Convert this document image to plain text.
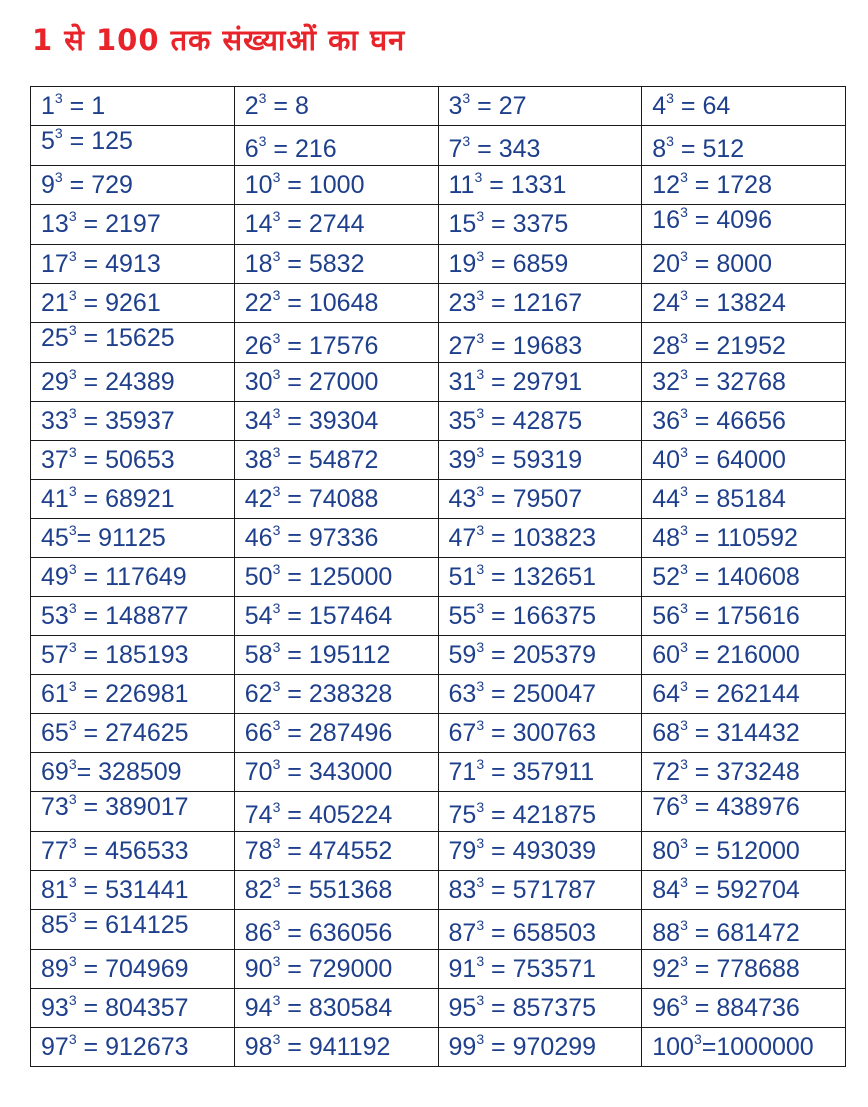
1 से 100 तक संख्याओं का घन
$1^3 = 1$	$2^3 = 8$	$3^3 = 27$	$4^3 = 64$
$5^3 = 125$	$6^3 = 216$	$7^3 = 343$	$8^3 = 512$
$9^3 = 729$	$10^3 = 1000$	$11^3 = 1331$	$12^3 = 1728$
$13^3 = 2197$	$14^3 = 2744$	$15^3 = 3375$	$16^3 = 4096$
$17^3 = 4913$	$18^3 = 5832$	$19^3 = 6859$	$20^3 = 8000$
$21^3 = 9261$	$22^3 = 10648$	$23^3 = 12167$	$24^3 = 13824$
$25^3 = 15625$	$26^3 = 17576$	$27^3 = 19683$	$28^3 = 21952$
$29^3 = 24389$	$30^3 = 27000$	$31^3 = 29791$	$32^3 = 32768$
$33^3 = 35937$	$34^3 = 39304$	$35^3 = 42875$	$36^3 = 46656$
$37^3 = 50653$	$38^3 = 54872$	$39^3 = 59319$	$40^3 = 64000$
$41^3 = 68921$	$42^3 = 74088$	$43^3 = 79507$	$44^3 = 85184$
$45^3= 91125$	$46^3 = 97336$	$47^3 = 103823$	$48^3 = 110592$
$49^3 = 117649$	$50^3 = 125000$	$51^3 = 132651$	$52^3 = 140608$
$53^3 = 148877$	$54^3 = 157464$	$55^3 = 166375$	$56^3 = 175616$
$57^3 = 185193$	$58^3 = 195112$	$59^3 = 205379$	$60^3 = 216000$
$61^3 = 226981$	$62^3 = 238328$	$63^3 = 250047$	$64^3 = 262144$
$65^3 = 274625$	$66^3 = 287496$	$67^3 = 300763$	$68^3 = 314432$
$69^3= 328509$	$70^3 = 343000$	$71^3 = 357911$	$72^3 = 373248$
$73^3 = 389017$	$74^3 = 405224$	$75^3 = 421875$	$76^3 = 438976$
$77^3 = 456533$	$78^3 = 474552$	$79^3 = 493039$	$80^3 = 512000$
$81^3 = 531441$	$82^3 = 551368$	$83^3 = 571787$	$84^3 = 592704$
$85^3 = 614125$	$86^3 = 636056$	$87^3 = 658503$	$88^3 = 681472$
$89^3 = 704969$	$90^3 = 729000$	$91^3 = 753571$	$92^3 = 778688$
$93^3 = 804357$	$94^3 = 830584$	$95^3 = 857375$	$96^3 = 884736$
$97^3 = 912673$	$98^3 = 941192$	$99^3 = 970299$	$100^3=1000000$
